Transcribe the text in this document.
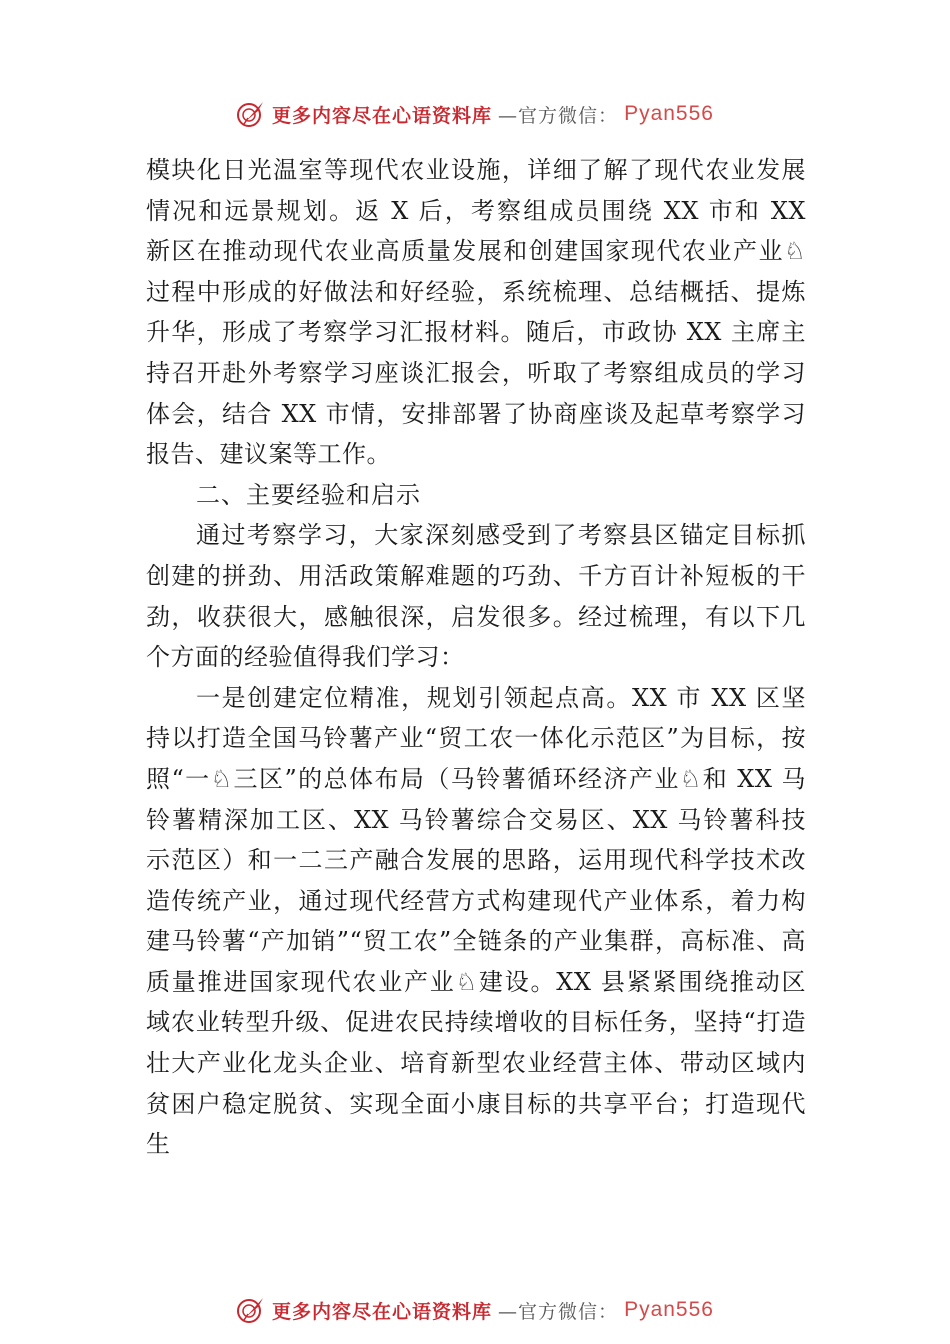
更多内容尽在心语资料库 —官方微信： Pyan556
模块化日光温室等现代农业设施，详细了解了现代农业发展
情况和远景规划。返 X 后，考察组成员围绕 XX 市和 XX
新区在推动现代农业高质量发展和创建国家现代农业产业♘
过程中形成的好做法和好经验，系统梳理、总结概括、提炼
升华，形成了考察学习汇报材料。随后，市政协 XX 主席主
持召开赴外考察学习座谈汇报会，听取了考察组成员的学习
体会，结合 XX 市情，安排部署了协商座谈及起草考察学习
报告、建议案等工作。
二、主要经验和启示
通过考察学习，大家深刻感受到了考察县区锚定目标抓
创建的拼劲、用活政策解难题的巧劲、千方百计补短板的干
劲，收获很大，感触很深，启发很多。经过梳理，有以下几
个方面的经验值得我们学习：
一是创建定位精准，规划引领起点高。XX 市 XX 区坚
持以打造全国马铃薯产业“贸工农一体化示范区”为目标，按
照“一♘三区”的总体布局（马铃薯循环经济产业♘和 XX 马
铃薯精深加工区、XX 马铃薯综合交易区、XX 马铃薯科技
示范区）和一二三产融合发展的思路，运用现代科学技术改
造传统产业，通过现代经营方式构建现代产业体系，着力构
建马铃薯“产加销”“贸工农”全链条的产业集群，高标准、高
质量推进国家现代农业产业♘建设。XX 县紧紧围绕推动区
域农业转型升级、促进农民持续增收的目标任务，坚持“打造
壮大产业化龙头企业、培育新型农业经营主体、带动区域内
贫困户稳定脱贫、实现全面小康目标的共享平台；打造现代
生
更多内容尽在心语资料库 —官方微信： Pyan556
